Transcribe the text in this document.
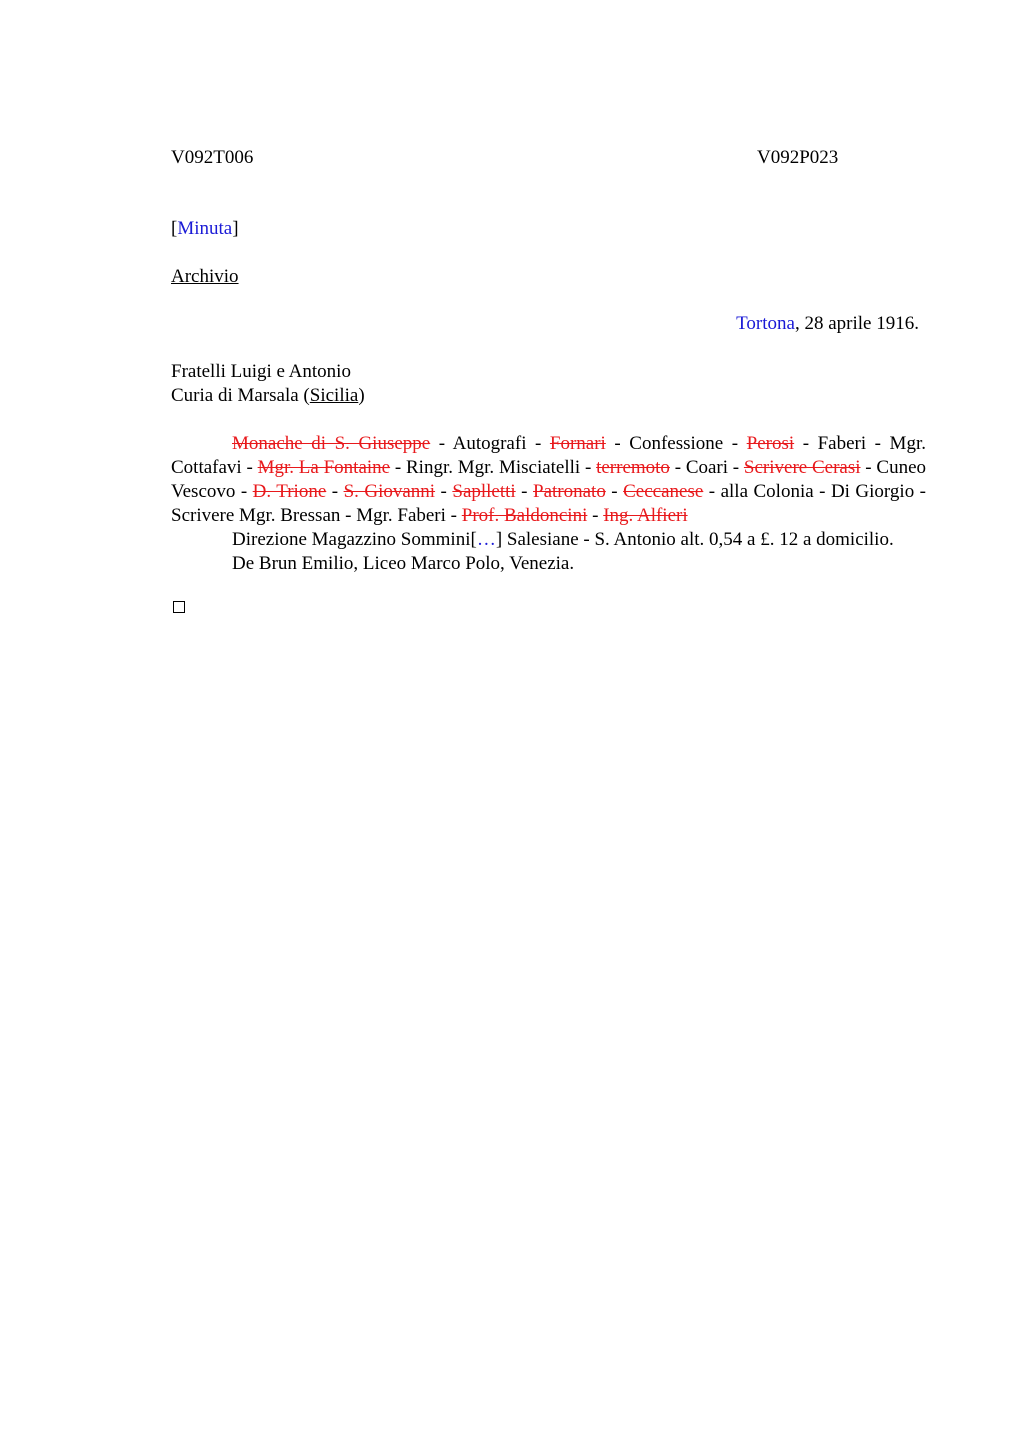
V092T006	V092P023
[Minuta]
Archivio
Tortona, 28 aprile 1916.
Fratelli Luigi e Antonio
Curia di Marsala (Sicilia)

Monache di S. Giuseppe - Autografi - Fornari - Confessione - Perosi - Faberi - Mgr. Cottafavi - Mgr. La Fontaine - Ringr. Mgr. Misciatelli - terremoto - Coari - Scrivere Cerasi - Cuneo Vescovo - D. Trione - S. Giovanni - Saplletti - Patronato - Ceccanese - alla Colonia - Di Giorgio - Scrivere Mgr. Bressan - Mgr. Faberi - Prof. Baldoncini - Ing. Alfieri

Direzione Magazzino Sommini[…] Salesiane - S. Antonio alt. 0,54 a £. 12 a domicilio.

De Brun Emilio, Liceo Marco Polo, Venezia.
